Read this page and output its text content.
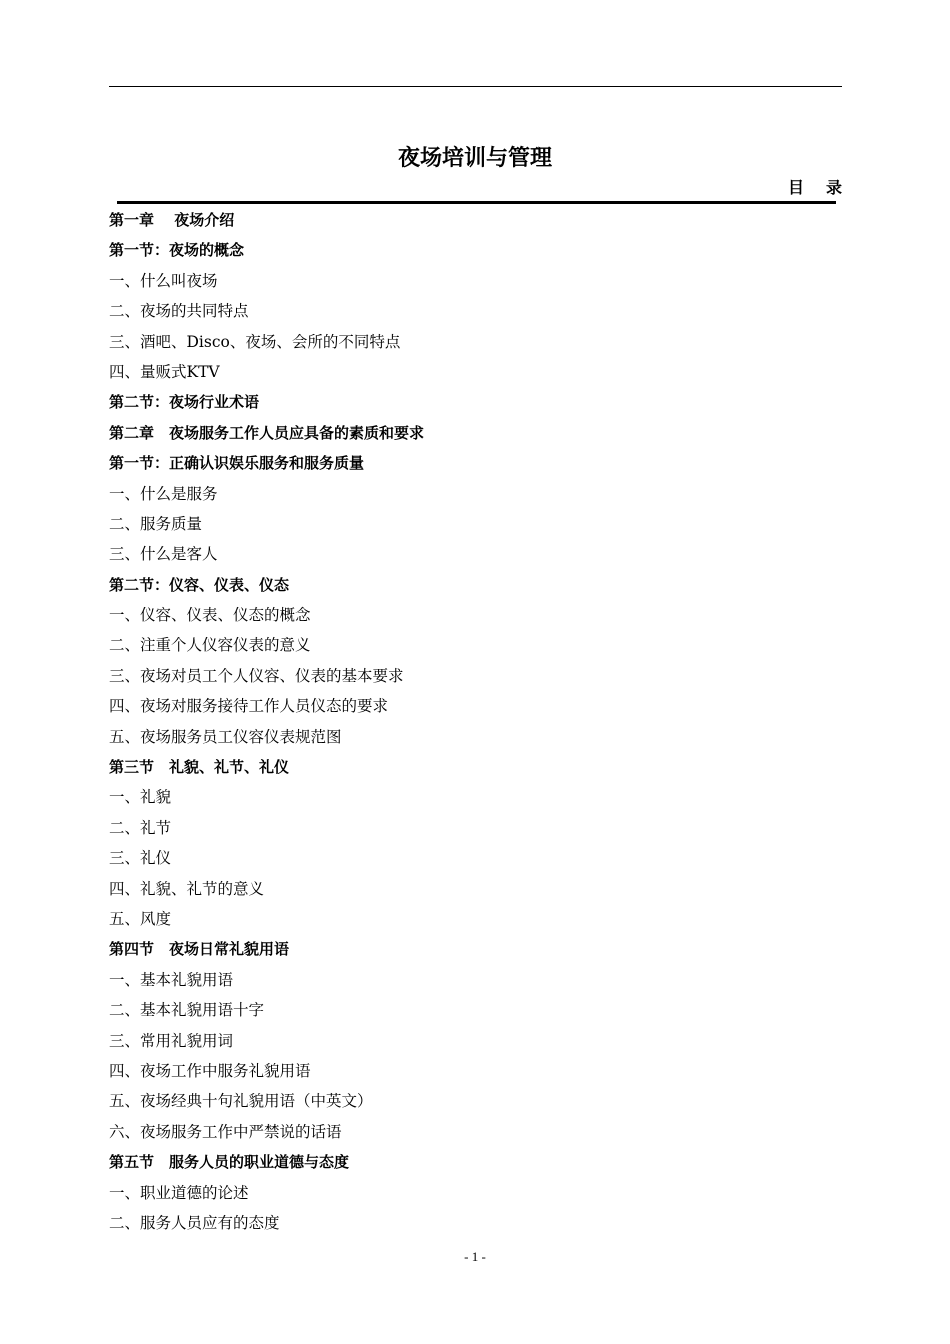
夜场培训与管理
目录
第一章　 夜场介绍
第一节：夜场的概念
一、什么叫夜场
二、夜场的共同特点
三、酒吧、Disco、夜场、会所的不同特点
四、量贩式KTV
第二节：夜场行业术语
第二章　夜场服务工作人员应具备的素质和要求
第一节：正确认识娱乐服务和服务质量
一、什么是服务
二、服务质量
三、什么是客人
第二节：仪容、仪表、仪态
一、仪容、仪表、仪态的概念
二、注重个人仪容仪表的意义
三、夜场对员工个人仪容、仪表的基本要求
四、夜场对服务接待工作人员仪态的要求
五、夜场服务员工仪容仪表规范图
第三节　礼貌、礼节、礼仪
一、礼貌
二、礼节
三、礼仪
四、礼貌、礼节的意义
五、风度
第四节　夜场日常礼貌用语
一、基本礼貌用语
二、基本礼貌用语十字
三、常用礼貌用词
四、夜场工作中服务礼貌用语
五、夜场经典十句礼貌用语（中英文）
六、夜场服务工作中严禁说的话语
第五节　服务人员的职业道德与态度
一、职业道德的论述
二、服务人员应有的态度
- 1 -
